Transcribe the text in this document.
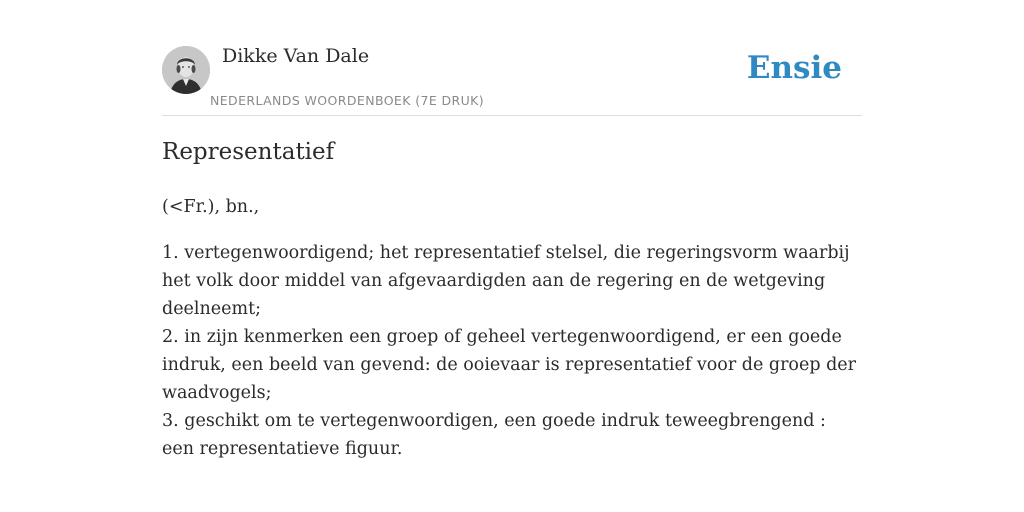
Dikke Van Dale
NEDERLANDS WOORDENBOEK (7E DRUK)
Ensie
Representatief

(<Fr.), bn.,

1. vertegenwoordigend; het representatief stelsel, die regeringsvorm waarbij het volk door middel van afgevaardigden aan de regering en de wetgeving deelneemt;

2. in zijn kenmerken een groep of geheel vertegenwoordigend, er een goede indruk, een beeld van gevend: de ooievaar is representatief voor de groep der waadvogels;

3. geschikt om te vertegenwoordigen, een goede indruk teweegbrengend : een representatieve figuur.
